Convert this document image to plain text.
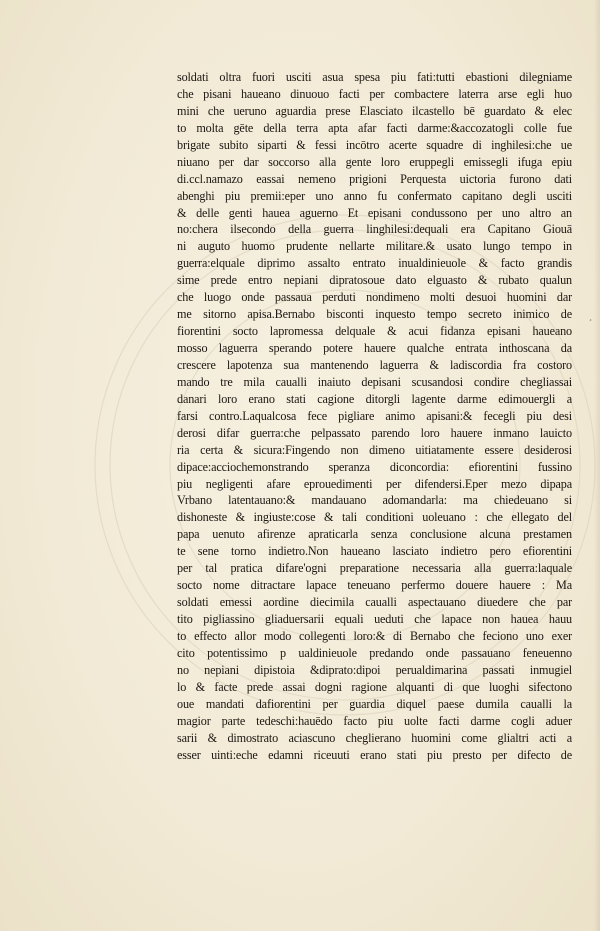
soldati oltra fuori usciti asua spesa piu fati:tutti ebastioni dilegniame
che pisani haueano dinuouo facti per combactere laterra arse egli huo
mini che ueruno aguardia prese Elasciato ilcastello bē guardato & elec
to molta gēte della terra apta afar facti darme:&accozatogli colle fue
brigate subito siparti & fessi incōtro acerte squadre di inghilesi:che ue
niuano per dar soccorso alla gente loro eruppegli emissegli ifuga epiu
di.ccl.namazo eassai nemeno prigioni Perquesta uictoria furono dati
abenghi piu premii:eper uno anno fu confermato capitano degli usciti
& delle genti hauea aguerno Et episani condussono per uno altro an
no:chera ilsecondo della guerra linghilesi:dequali era Capitano Giouā
ni auguto huomo prudente nellarte militare.& usato lungo tempo in
guerra:elquale diprimo assalto entrato inualdinieuole & facto grandis
sime prede entro nepiani dipratosoue dato elguasto & rubato qualun
che luogo onde passaua perduti nondimeno molti desuoi huomini dar
me sitorno apisa.Bernabo bisconti inquesto tempo secreto inimico de
fiorentini socto lapromessa delquale & acui fidanza episani haueano
mosso laguerra sperando potere hauere qualche entrata inthoscana da
crescere lapotenza sua mantenendo laguerra & ladiscordia fra costoro
mando tre mila caualli inaiuto depisani scusandosi condire chegliassai
danari loro erano stati cagione ditorgli lagente darme edimouergli a
farsi contro.Laqualcosa fece pigliare animo apisani:& fecegli piu desi
derosi difar guerra:che pelpassato parendo loro hauere inmano lauicto
ria certa & sicura:Fingendo non dimeno uitiatamente essere desiderosi
dipace:acciochemonstrando speranza diconcordia: efiorentini fussino
piu negligenti afare eprouedimenti per difendersi.Eper mezo dipapa
Vrbano latentauano:& mandauano adomandarla: ma chiedeuano si
dishoneste & ingiuste:cose & tali conditioni uoleuano : che ellegato del
papa uenuto afirenze apraticarla senza conclusione alcuna prestamen
te sene torno indietro.Non haueano lasciato indietro pero efiorentini
per tal pratica difare'ogni preparatione necessaria alla guerra:laquale
socto nome ditractare lapace teneuano perfermo douere hauere : Ma
soldati emessi aordine diecimila caualli aspectauano diuedere che par
tito pigliassino gliaduersarii equali ueduti che lapace non hauea hauu
to effecto allor modo collegenti loro:& di Bernabo che feciono uno exer
cito potentissimo p ualdinieuole predando onde passauano feneuenno
no nepiani dipistoia &diprato:dipoi perualdimarina passati inmugiel
lo & facte prede assai dogni ragione alquanti di que luoghi sifectono
oue mandati dafiorentini per guardia diquel paese dumila caualli la
magior parte tedeschi:hauēdo facto piu uolte facti darme cogli aduer
sarii & dimostrato aciascuno cheglierano huomini come glialtri acti a
esser uinti:eche edamni riceuuti erano stati piu presto per difecto de
¸
